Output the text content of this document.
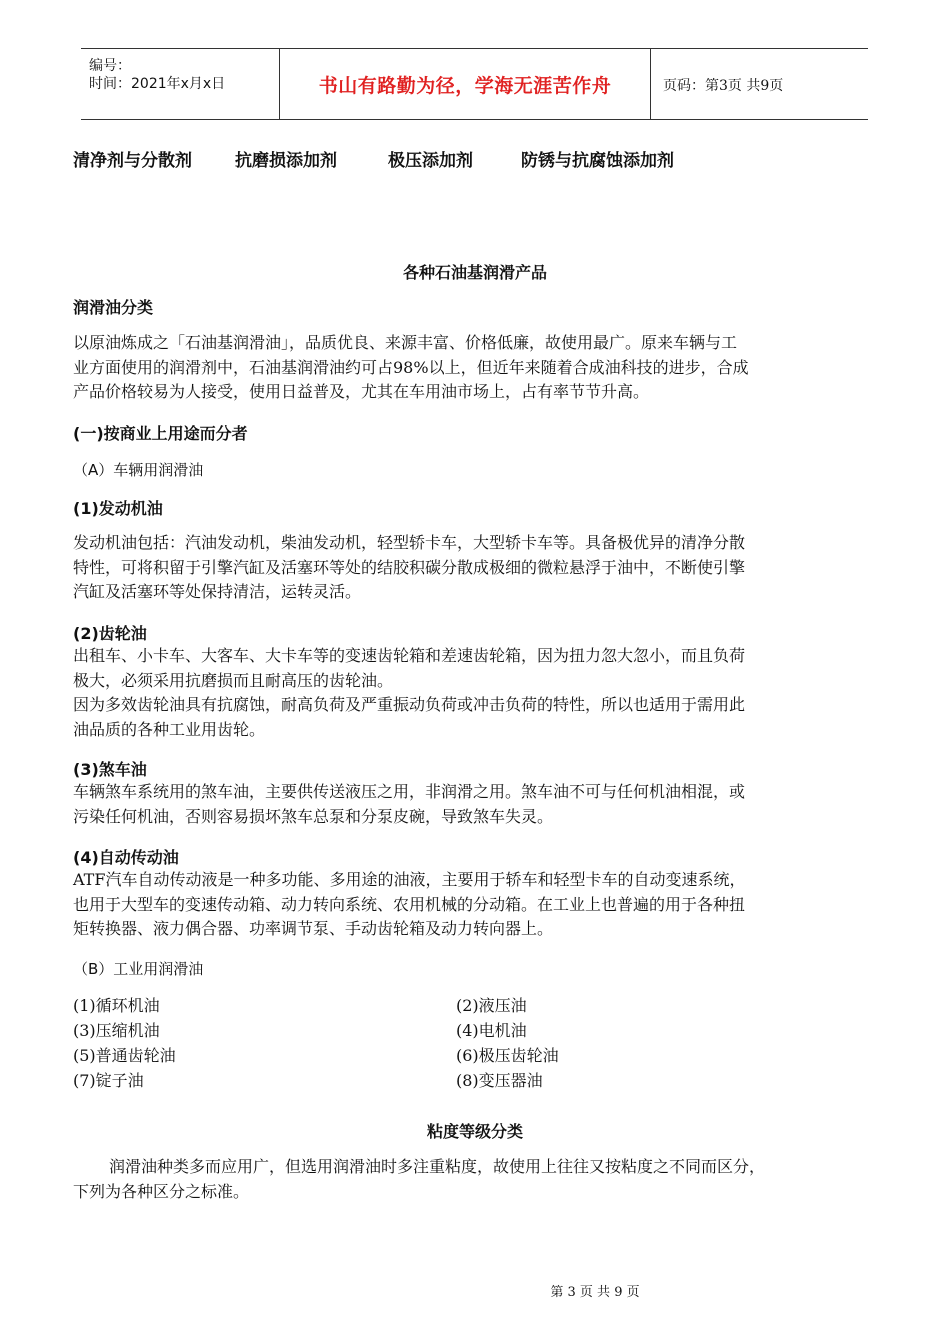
编号：
时间：2021年x月x日	书山有路勤为径，学海无涯苦作舟	页码：第3页 共9页
清净剂与分散剂	抗磨损添加剂	极压添加剂	防锈与抗腐蚀添加剂
各种石油基润滑产品
润滑油分类

以原油炼成之「石油基润滑油」，品质优良、来源丰富、价格低廉，故使用最广。原来车辆与工

业方面使用的润滑剂中，石油基润滑油约可占98%以上，但近年来随着合成油科技的进步，合成

产品价格较易为人接受，使用日益普及，尤其在车用油市场上，占有率节节升高。

(一)按商业上用途而分者
（A）车辆用润滑油
(1)发动机油

发动机油包括：汽油发动机，柴油发动机，轻型轿卡车，大型轿卡车等。具备极优异的清净分散

特性，可将积留于引擎汽缸及活塞环等处的结胶积碳分散成极细的微粒悬浮于油中，不断使引擎

汽缸及活塞环等处保持清洁，运转灵活。

(2)齿轮油

出租车、小卡车、大客车、大卡车等的变速齿轮箱和差速齿轮箱，因为扭力忽大忽小，而且负荷

极大，必须采用抗磨损而且耐高压的齿轮油。

因为多效齿轮油具有抗腐蚀，耐高负荷及严重振动负荷或冲击负荷的特性，所以也适用于需用此

油品质的各种工业用齿轮。

(3)煞车油

车辆煞车系统用的煞车油，主要供传送液压之用，非润滑之用。煞车油不可与任何机油相混，或

污染任何机油，否则容易损坏煞车总泵和分泵皮碗，导致煞车失灵。

(4)自动传动油

ATF汽车自动传动液是一种多功能、多用途的油液，主要用于轿车和轻型卡车的自动变速系统，

也用于大型车的变速传动箱、动力转向系统、农用机械的分动箱。在工业上也普遍的用于各种扭

矩转换器、液力偶合器、功率调节泵、手动齿轮箱及动力转向器上。

（B）工业用润滑油
(1)循环机油	(2)液压油
(3)压缩机油	(4)电机油
(5)普通齿轮油	(6)极压齿轮油
(7)锭子油	(8)变压器油
粘度等级分类

润滑油种类多而应用广，但选用润滑油时多注重粘度，故使用上往往又按粘度之不同而区分，

下列为各种区分之标准。

第 3 页 共 9 页
